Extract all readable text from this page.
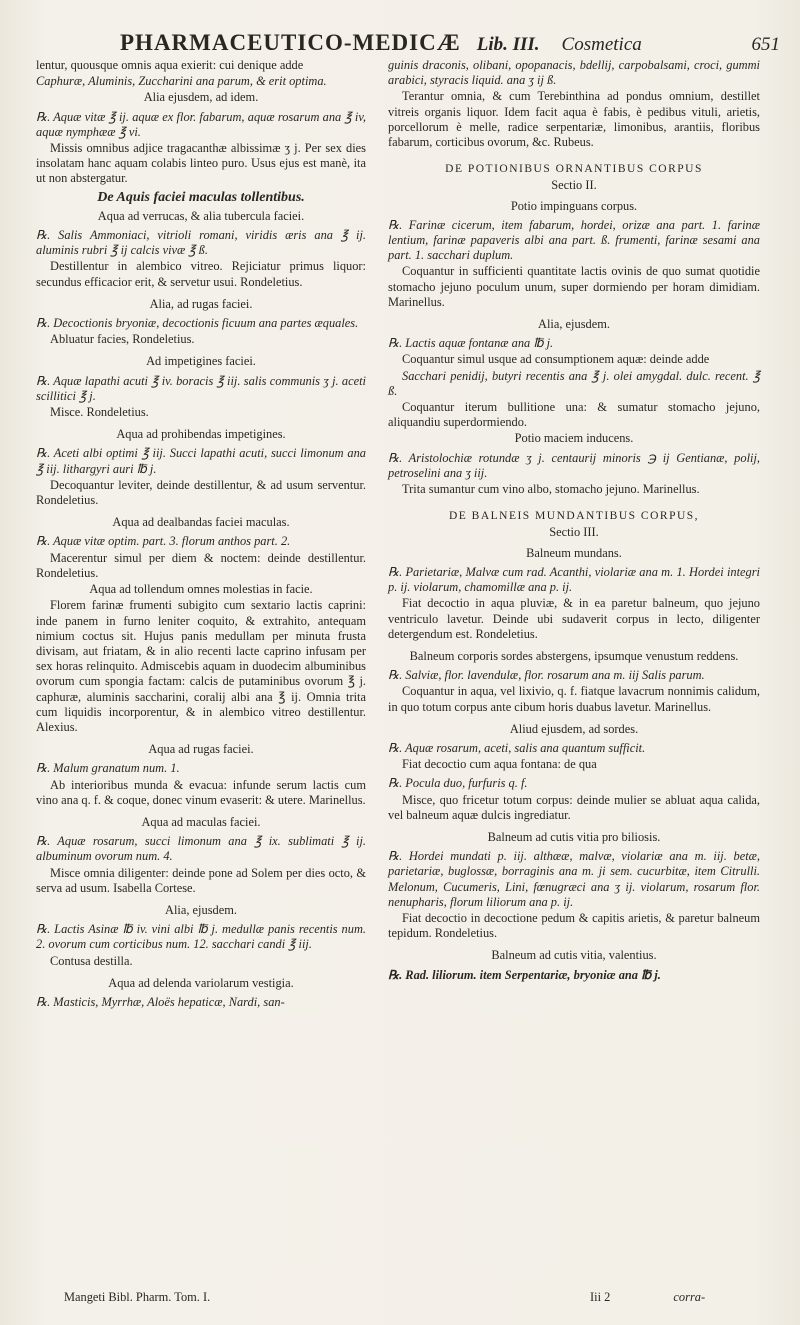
PHARMACEUTICO-MEDICÆ Lib. III. Cosmetica	651

lentur, quousque omnis aqua exierit: cui denique adde

Caphuræ, Aluminis, Zuccharini ana parum, & erit optima.

Alia ejusdem, ad idem.

℞. Aquæ vitæ ℥ ij. aquæ ex flor. fabarum, aquæ rosarum ana ℥ iv, aquæ nymphææ ℥ vi.

Missis omnibus adjice tragacanthæ albissimæ ʒ j. Per sex dies insolatam hanc aquam colabis linteo puro. Usus ejus est manè, ita ut non abstergatur.

De Aquis faciei maculas tollentibus.

Aqua ad verrucas, & alia tubercula faciei.

℞. Salis Ammoniaci, vitrioli romani, viridis æris ana ℥ ij. aluminis rubri ℥ ij calcis vivæ ℥ ß.

Destillentur in alembico vitreo. Rejiciatur primus liquor: secundus efficacior erit, & servetur usui. Rondeletius.

Alia, ad rugas faciei.

℞. Decoctionis bryoniæ, decoctionis ficuum ana partes æquales.

Abluatur facies, Rondeletius.

Ad impetigines faciei.

℞. Aquæ lapathi acuti ℥ iv. boracis ℥ iij. salis communis ʒ j. aceti scillitici ℥ j.

Misce. Rondeletius.

Aqua ad prohibendas impetigines.

℞. Aceti albi optimi ℥ iij. Succi lapathi acuti, succi limonum ana ℥ iij. lithargyri auri ℔ j.

Decoquantur leviter, deinde destillentur, & ad usum serventur. Rondeletius.

Aqua ad dealbandas faciei maculas.

℞. Aquæ vitæ optim. part. 3. florum anthos part. 2.

Macerentur simul per diem & noctem: deinde destillentur. Rondeletius.

Aqua ad tollendum omnes molestias in facie.

Florem farinæ frumenti subigito cum sextario lactis caprini: inde panem in furno leniter coquito, & extrahito, antequam nimium coctus sit. Hujus panis medullam per minuta frusta divisam, aut friatam, & in alio recenti lacte caprino infusam per sex horas relinquito. Admiscebis aquam in duodecim albuminibus ovorum cum spongia factam: calcis de putaminibus ovorum ℥ j. caphuræ, aluminis saccharini, coralij albi ana ℥ ij. Omnia trita cum liquidis incorporentur, & in alembico vitreo destillentur. Alexius.

Aqua ad rugas faciei.

℞. Malum granatum num. 1.

Ab interioribus munda & evacua: infunde serum lactis cum vino ana q. f. & coque, donec vinum evaserit: & utere. Marinellus.

Aqua ad maculas faciei.

℞. Aquæ rosarum, succi limonum ana ℥ ix. sublimati ℥ ij. albuminum ovorum num. 4.

Misce omnia diligenter: deinde pone ad Solem per dies octo, & serva ad usum. Isabella Cortese.

Alia, ejusdem.

℞. Lactis Asinæ ℔ iv. vini albi ℔ j. medullæ panis recentis num. 2. ovorum cum corticibus num. 12. sacchari candi ℥ iij.

Contusa destilla.

Aqua ad delenda variolarum vestigia.

℞. Masticis, Myrrhæ, Aloës hepaticæ, Nardi, san-

guinis draconis, olibani, opopanacis, bdellij, carpobalsami, croci, gummi arabici, styracis liquid. ana ʒ ij ß.

Terantur omnia, & cum Terebinthina ad pondus omnium, destillet vitreis organis liquor. Idem facit aqua è fabis, è pedibus vituli, arietis, porcellorum è melle, radice serpentariæ, limonibus, arantiis, floribus fabarum, corticibus ovorum, &c. Rubeus.

DE POTIONIBUS ORNANTIBUS CORPUS

Sectio II.

Potio impinguans corpus.

℞. Farinæ cicerum, item fabarum, hordei, orizæ ana part. 1. farinæ lentium, farinæ papaveris albi ana part. ß. frumenti, farinæ sesami ana part. 1. sacchari duplum.

Coquantur in sufficienti quantitate lactis ovinis de quo sumat quotidie stomacho jejuno poculum unum, super dormiendo per horam dimidiam. Marinellus.

Alia, ejusdem.

℞. Lactis aquæ fontanæ ana ℔ j.

Coquantur simul usque ad consumptionem aquæ: deinde adde

Sacchari penidij, butyri recentis ana ℥ j. olei amygdal. dulc. recent. ℥ ß.

Coquantur iterum bullitione una: & sumatur stomacho jejuno, aliquandiu superdormiendo.

Potio maciem inducens.

℞. Aristolochiæ rotundæ ʒ j. centaurij minoris ℈ ij Gentianæ, polij, petroselini ana ʒ iij.

Trita sumantur cum vino albo, stomacho jejuno. Marinellus.

DE BALNEIS MUNDANTIBUS CORPUS,

Sectio III.

Balneum mundans.

℞. Parietariæ, Malvæ cum rad. Acanthi, violariæ ana m. 1. Hordei integri p. ij. violarum, chamomillæ ana p. ij.

Fiat decoctio in aqua pluviæ, & in ea paretur balneum, quo jejuno ventriculo lavetur. Deinde ubi sudaverit corpus in lecto, diligenter detergendum est. Rondeletius.

Balneum corporis sordes abstergens, ipsumque venustum reddens.

℞. Salviæ, flor. lavendulæ, flor. rosarum ana m. iij Salis parum.

Coquantur in aqua, vel lixivio, q. f. fiatque lavacrum nonnimis calidum, in quo totum corpus ante cibum horis duabus lavetur. Marinellus.

Aliud ejusdem, ad sordes.

℞. Aquæ rosarum, aceti, salis ana quantum sufficit.

Fiat decoctio cum aqua fontana: de qua

℞. Pocula duo, furfuris q. f.

Misce, quo fricetur totum corpus: deinde mulier se abluat aqua calida, vel balneum aquæ dulcis ingrediatur.

Balneum ad cutis vitia pro biliosis.

℞. Hordei mundati p. iij. althææ, malvæ, violariæ ana m. iij. betæ, parietariæ, buglossæ, borraginis ana m. ji sem. cucurbitæ, item Citrulli. Melonum, Cucumeris, Lini, fœnugræci ana ʒ ij. violarum, rosarum flor. nenupharis, florum liliorum ana p. ij.

Fiat decoctio in decoctione pedum & capitis arietis, & paretur balneum tepidum. Rondeletius.

Balneum ad cutis vitia, valentius.

℞. Rad. liliorum. item Serpentariæ, bryoniæ ana ℔ j.

Mangeti Bibl. Pharm. Tom. I.	Iii 2	corra-
